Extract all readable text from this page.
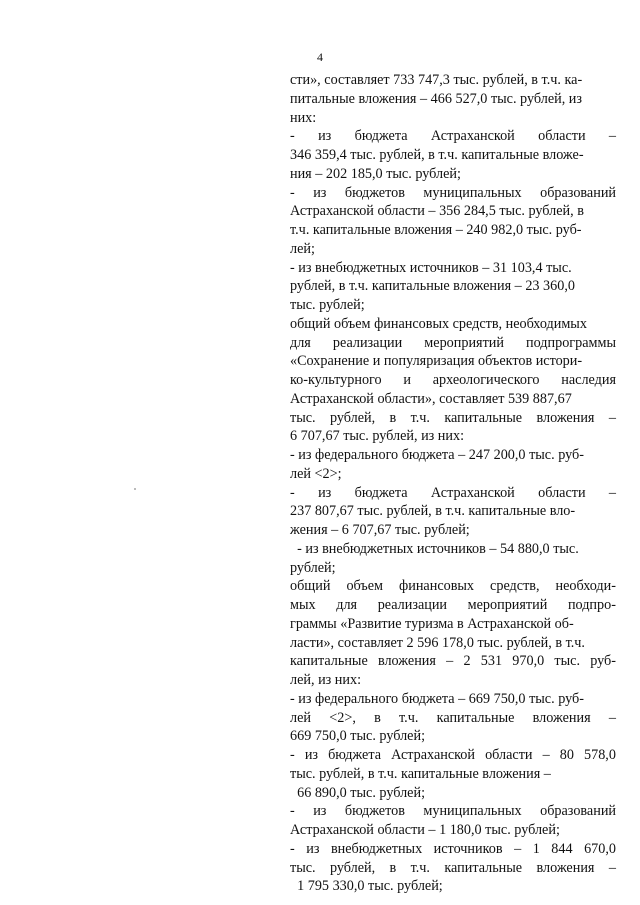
4
сти», составляет 733 747,3 тыс. рублей, в т.ч. ка-
питальные вложения – 466 527,0 тыс. рублей, из
них:
- из бюджета Астраханской области –
346 359,4 тыс. рублей, в т.ч. капитальные вложе-
ния – 202 185,0 тыс. рублей;
- из бюджетов муниципальных образований
Астраханской области – 356 284,5 тыс. рублей, в
т.ч. капитальные вложения – 240 982,0 тыс. руб-
лей;
- из внебюджетных источников – 31 103,4 тыс.
рублей, в т.ч. капитальные вложения – 23 360,0
тыс. рублей;
общий объем финансовых средств, необходимых
для реализации мероприятий подпрограммы
«Сохранение и популяризация объектов истори-
ко-культурного и археологического наследия
Астраханской области», составляет 539 887,67
тыс. рублей, в т.ч. капитальные вложения –
6 707,67 тыс. рублей, из них:
- из федерального бюджета – 247 200,0 тыс. руб-
лей <2>;
- из бюджета Астраханской области –
237 807,67 тыс. рублей, в т.ч. капитальные вло-
жения – 6 707,67 тыс. рублей;
- из внебюджетных источников – 54 880,0 тыс.
рублей;
общий объем финансовых средств, необходи-
мых для реализации мероприятий подпро-
граммы «Развитие туризма в Астраханской об-
ласти», составляет 2 596 178,0 тыс. рублей, в т.ч.
капитальные вложения – 2 531 970,0 тыс. руб-
лей, из них:
- из федерального бюджета – 669 750,0 тыс. руб-
лей <2>, в т.ч. капитальные вложения –
669 750,0 тыс. рублей;
- из бюджета Астраханской области – 80 578,0
тыс. рублей, в т.ч. капитальные вложения –
66 890,0 тыс. рублей;
- из бюджетов муниципальных образований
Астраханской области – 1 180,0 тыс. рублей;
- из внебюджетных источников – 1 844 670,0
тыс. рублей, в т.ч. капитальные вложения –
1 795 330,0 тыс. рублей;
